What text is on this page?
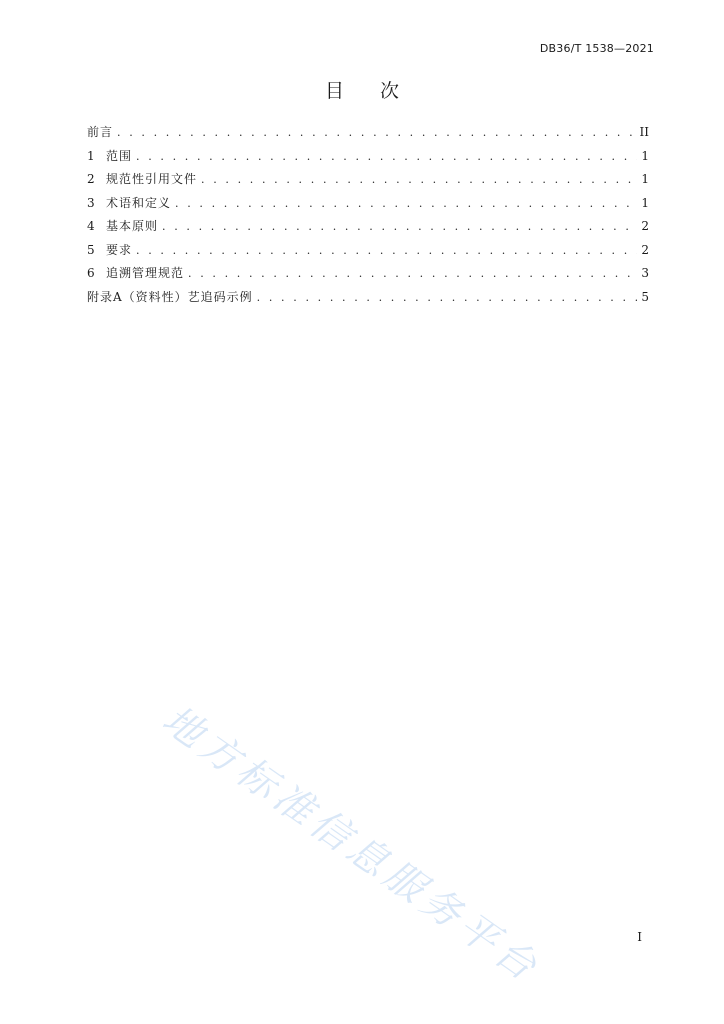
DB36/T 1538—2021
目次
前言 . . .	II
1 范围 . . .	1
2 规范性引用文件 . . .	1
3 术语和定义 . . .	1
4 基本原则 . . .	2
5 要求 . . .	2
6 追溯管理规范 . . .	3
附录A（资料性）艺追码示例 . . .	5
地方标准信息服务平台	I
